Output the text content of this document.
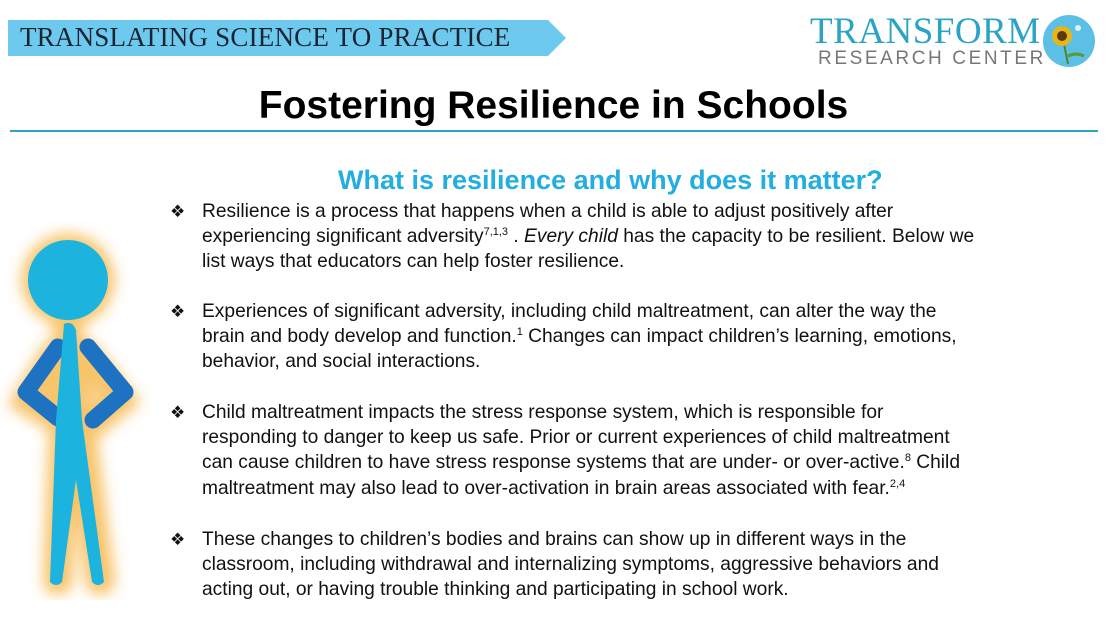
TRANSLATING SCIENCE TO PRACTICE	TRANSFORM
RESEARCH CENTER
Fostering Resilience in Schools
What is resilience and why does it matter?
❖ Resilience is a process that happens when a child is able to adjust positively after
experiencing significant adversity$^{7,1,3}$ . Every child has the capacity to be resilient. Below we
list ways that educators can help foster resilience.
❖ Experiences of significant adversity, including child maltreatment, can alter the way the
brain and body develop and function.$^1$ Changes can impact children’s learning, emotions,
behavior, and social interactions.
❖ Child maltreatment impacts the stress response system, which is responsible for
responding to danger to keep us safe. Prior or current experiences of child maltreatment
can cause children to have stress response systems that are under- or over-active.$^8$ Child
maltreatment may also lead to over-activation in brain areas associated with fear.$^{2,4}$
❖ These changes to children’s bodies and brains can show up in different ways in the
classroom, including withdrawal and internalizing symptoms, aggressive behaviors and
acting out, or having trouble thinking and participating in school work.
